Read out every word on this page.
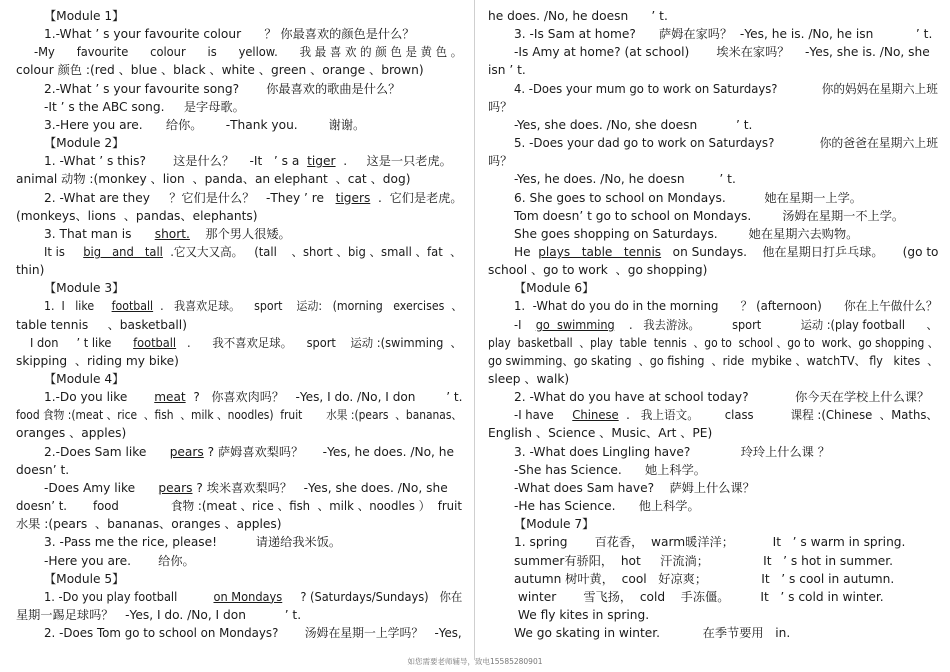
【Module 1】
1.-What ’ s your favourite colour      ？ 你最喜欢的颜色是什么？
-My      favourite      colour      is      yellow.      我 最 喜 欢 的 颜 色 是 黄 色 。
colour 颜色 :(red 、blue 、black 、white 、green 、orange 、brown)
2.-What ’ s your favourite song?       你最喜欢的歌曲是什么？
-It ’ s the ABC song.     是字母歌。
3.-Here you are.      给你。      -Thank you.        谢谢。
【Module 2】
1. -What ’ s this?       这是什么？    -It   ’ s a  tiger  .     这是一只老虎。
animal 动物 :(monkey 、lion  、panda、an elephant  、cat 、dog)
2. -What are they     ？它们是什么？   -They ’ re   tigers  .  它们是老虎。
(monkeys、lions  、pandas、elephants)
3. That man is      short.    那个男人很矮。
It is     big   and   tall  .它又大又高。   (tall    、short 、big 、small 、fat  、
thin)
【Module 3】
1.  I   like     football  .   我喜欢足球。    sport    运动:   (morning   exercises  、
table tennis     、basketball)
I don     ’ t like      football   .      我不喜欢足球。    sport    运动 :(swimming  、
skipping  、riding my bike)
【Module 4】
1.-Do you like       meat  ?   你喜欢肉吗？   -Yes, I do. /No, I don        ’ t.
food 食物 :(meat 、rice  、fish  、milk 、noodles)  fruit       水果 :(pears  、bananas、
oranges 、apples)
2.-Does Sam like      pears ? 萨姆喜欢梨吗？     -Yes, he does. /No, he
doesn’ t.
-Does Amy like      pears ? 埃米喜欢梨吗？   -Yes, she does. /No, she
doesn’ t.       food              食物 :(meat 、rice 、fish  、milk 、noodles ）  fruit
水果 :(pears  、bananas、oranges 、apples)
3. -Pass me the rice, please!          请递给我米饭。
-Here you are.       给你。
【Module 5】
1. -Do you play football          on Mondays     ? (Saturdays/Sundays)   你在
星期一踢足球吗？   -Yes, I do. /No, I don          ’ t.
2. -Does Tom go to school on Mondays?       汤姆在星期一上学吗？   -Yes,
he does. /No, he doesn      ’ t.
3. -Is Sam at home?      萨姆在家吗？  -Yes, he is. /No, he isn           ’ t.
-Is Amy at home? (at school)       埃米在家吗？    -Yes, she is. /No, she
isn ’ t.
4. -Does your mum go to work on Saturdays?            你的妈妈在星期六上班
吗？
-Yes, she does. /No, she doesn          ’ t.
5. -Does your dad go to work on Saturdays?            你的爸爸在星期六上班
吗？
-Yes, he does. /No, he doesn         ’ t.
6. She goes to school on Mondays.          她在星期一上学。
Tom doesn’ t go to school on Mondays.        汤姆在星期一不上学。
She goes shopping on Saturdays.        她在星期六去购物。
He  plays   table   tennis   on Sundays.    他在星期日打乒乓球。     (go to
school 、go to work  、go shopping)
【Module 6】
1.  -What do you do in the morning      ？ (afternoon)      你在上午做什么？
-I    go  swimming    .   我去游泳。         sport           运动 :(play football      、
play  basketball  、play  table  tennis  、go to  school 、go to  work、go shopping 、
go swimming、go skating  、go fishing  、ride  mybike 、watchTV、 fly   kites  、
sleep 、walk)
2. -What do you have at school today?            你今天在学校上什么课？
-I have     Chinese  .   我上语文。       class          课程 :(Chinese  、Maths、
English 、Science 、Music、Art 、PE)
3. -What does Lingling have?             玲玲上什么课 ？
-She has Science.      她上科学。
-What does Sam have?    萨姆上什么课？
-He has Science.      他上科学。
【Module 7】
1. spring       百花香，  warm暖洋洋；          It   ’ s warm in spring.
summer有骄阳，  hot     汗流淌；              It   ’ s hot in summer.
autumn 树叶黄，  cool   好凉爽；              It   ’ s cool in autumn.
winter       雪飞扬，  cold    手冻僵。        It   ’ s cold in winter.
We fly kites in spring.
We go skating in winter.           在季节要用   in.
如您需要老师辅导，致电15585280901
